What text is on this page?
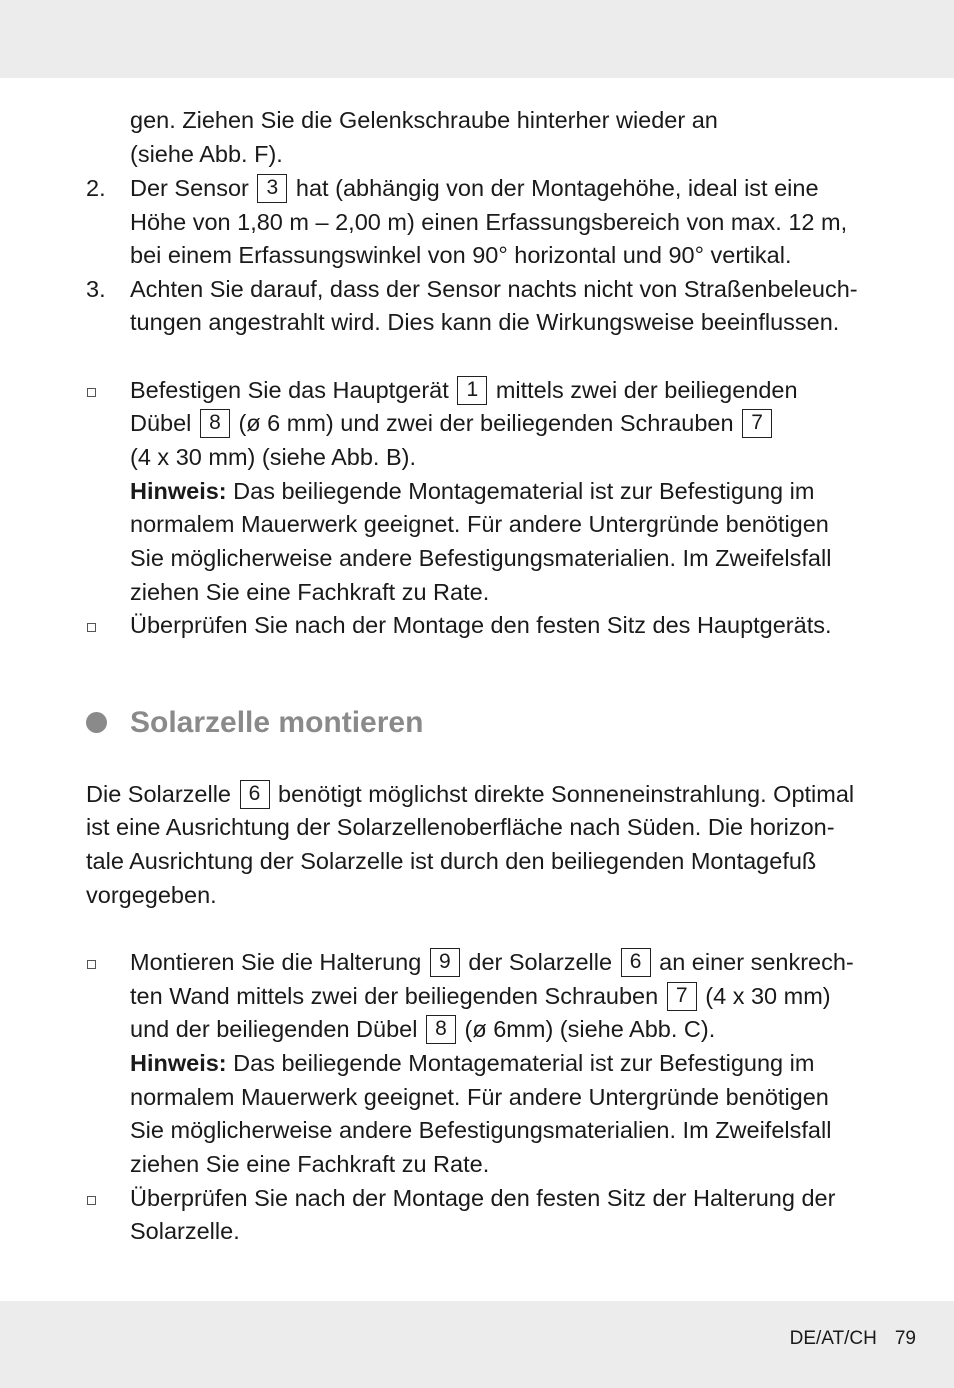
gen. Ziehen Sie die Gelenkschraube hinterher wieder an
(siehe Abb. F).
2. Der Sensor 3 hat (abhängig von der Montagehöhe, ideal ist eine
Höhe von 1,80 m – 2,00 m) einen Erfassungsbereich von max. 12 m,
bei einem Erfassungswinkel von 90° horizontal und 90° vertikal.
3. Achten Sie darauf, dass der Sensor nachts nicht von Straßenbeleuch-
tungen angestrahlt wird. Dies kann die Wirkungsweise beeinflussen.
Befestigen Sie das Hauptgerät 1 mittels zwei der beiliegenden
Dübel 8 (ø 6 mm) und zwei der beiliegenden Schrauben 7
(4 x 30 mm) (siehe Abb. B).
Hinweis: Das beiliegende Montagematerial ist zur Befestigung im
normalem Mauerwerk geeignet. Für andere Untergründe benötigen
Sie möglicherweise andere Befestigungsmaterialien. Im Zweifelsfall
ziehen Sie eine Fachkraft zu Rate.
Überprüfen Sie nach der Montage den festen Sitz des Hauptgeräts.
Solarzelle montieren
Die Solarzelle 6 benötigt möglichst direkte Sonneneinstrahlung. Optimal
ist eine Ausrichtung der Solarzellenoberfläche nach Süden. Die horizon-
tale Ausrichtung der Solarzelle ist durch den beiliegenden Montagefuß
vorgegeben.
Montieren Sie die Halterung 9 der Solarzelle 6 an einer senkrech-
ten Wand mittels zwei der beiliegenden Schrauben 7 (4 x 30 mm)
und der beiliegenden Dübel 8 (ø 6mm) (siehe Abb. C).
Hinweis: Das beiliegende Montagematerial ist zur Befestigung im
normalem Mauerwerk geeignet. Für andere Untergründe benötigen
Sie möglicherweise andere Befestigungsmaterialien. Im Zweifelsfall
ziehen Sie eine Fachkraft zu Rate.
Überprüfen Sie nach der Montage den festen Sitz der Halterung der
Solarzelle.
DE/AT/CH 79
